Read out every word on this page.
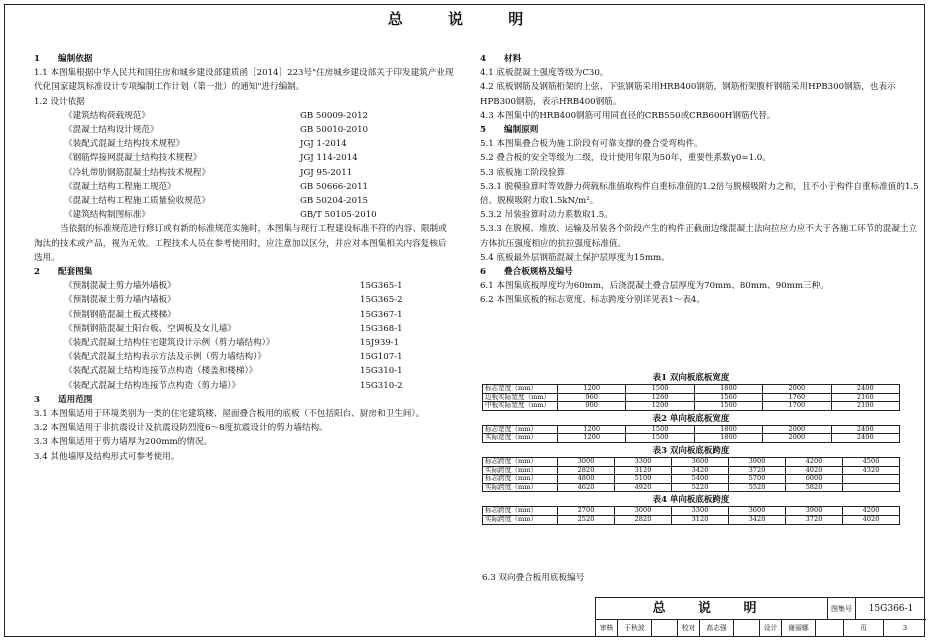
总 说 明
1 编制依据
1.1 本图集根据中华人民共和国住房和城乡建设部建质函［2014］223号"住房城乡建设部关于印发建筑产业现代化国家建筑标准设计专项编制工作计划（第一批）的通知"进行编制。
1.2 设计依据
《建筑结构荷载规范》	GB 50009-2012
《混凝土结构设计规范》	GB 50010-2010
《装配式混凝土结构技术规程》	JGJ 1-2014
《钢筋焊接网混凝土结构技术规程》	JGJ 114-2014
《冷轧带肋钢筋混凝土结构技术规程》	JGJ 95-2011
《混凝土结构工程施工规范》	GB 50666-2011
《混凝土结构工程施工质量验收规范》	GB 50204-2015
《建筑结构制图标准》	GB/T 50105-2010
当依据的标准规范进行修订或有新的标准规范实施时，本图集与现行工程建设标准不符的内容、限制或淘汰的技术或产品，视为无效。工程技术人员在参考使用时，应注意加以区分，并应对本图集相关内容复核后选用。
2 配套图集
《预制混凝土剪力墙外墙板》	15G365-1
《预制混凝土剪力墙内墙板》	15G365-2
《预制钢筋混凝土板式楼梯》	15G367-1
《预制钢筋混凝土阳台板、空调板及女儿墙》	15G368-1
《装配式混凝土结构住宅建筑设计示例（剪力墙结构）》	15J939-1
《装配式混凝土结构表示方法及示例（剪力墙结构）》	15G107-1
《装配式混凝土结构连接节点构造（楼盖和楼梯）》	15G310-1
《装配式混凝土结构连接节点构造（剪力墙）》	15G310-2
3 适用范围
3.1 本图集适用于环境类别为一类的住宅建筑楼、屋面叠合板用的底板（不包括阳台、厨房和卫生间）。
3.2 本图集适用于非抗震设计及抗震设防烈度6～8度抗震设计的剪力墙结构。
3.3 本图集适用于剪力墙厚为200mm的情况。
3.4 其他墙厚及结构形式可参考使用。
4 材料
4.1 底板混凝土强度等级为C30。
4.2 底板钢筋及钢筋桁架的上弦、下弦钢筋采用HRB400钢筋，钢筋桁架腹杆钢筋采用HPB300钢筋，也表示HPB300钢筋，表示HRB400钢筋。
4.3 本图集中的HRB400钢筋可用同直径的CRB550或CRB600H钢筋代替。
5 编制原则
5.1 本图集叠合板为施工阶段有可靠支撑的叠合受弯构件。
5.2 叠合板的安全等级为二级，设计使用年限为50年，重要性系数γ0=1.0。
5.3 底板施工阶段验算
5.3.1 脱模验算时等效静力荷载标准值取构件自重标准值的1.2倍与脱模吸附力之和，且不小于构件自重标准值的1.5倍。脱模吸附力取1.5kN/m²。
5.3.2 吊装验算时动力系数取1.5。
5.3.3 在脱模、堆放、运输及吊装各个阶段产生的构件正截面边缘混凝土法向拉应力应不大于各施工环节的混凝土立方体抗压强度相应的抗拉强度标准值。
5.4 底板最外层钢筋混凝土保护层厚度为15mm。
6 叠合板规格及编号
6.1 本图集底板厚度均为60mm，后浇混凝土叠合层厚度为70mm、80mm、90mm三种。
6.2 本图集底板的标志宽度、标志跨度分别详见表1～表4。
表1 双向板底板宽度
标志宽度（mm）	1200	1500	1800	2000	2400
边板实际宽度（mm）	960	1260	1560	1760	2160
中板实际宽度（mm）	900	1200	1500	1700	2100
表2 单向板底板宽度
标志宽度（mm）	1200	1500	1800	2000	2400
实际宽度（mm）	1200	1500	1800	2000	2400
表3 双向板底板跨度
标志跨度（mm）	3000	3300	3600	3900	4200	4500
实际跨度（mm）	2820	3120	3420	3720	4020	4320
标志跨度（mm）	4800	5100	5400	5700	6000	
实际跨度（mm）	4620	4920	5220	5520	5820	
表4 单向板底板跨度
标志跨度（mm）	2700	3000	3300	3600	3900	4200
实际跨度（mm）	2520	2820	3120	3420	3720	4020
6.3 双向叠合板用底板编号
总 说 明	图集号	15G366-1
审核	于秋波	校对	高志强	设计	谢丽娜	页	3
